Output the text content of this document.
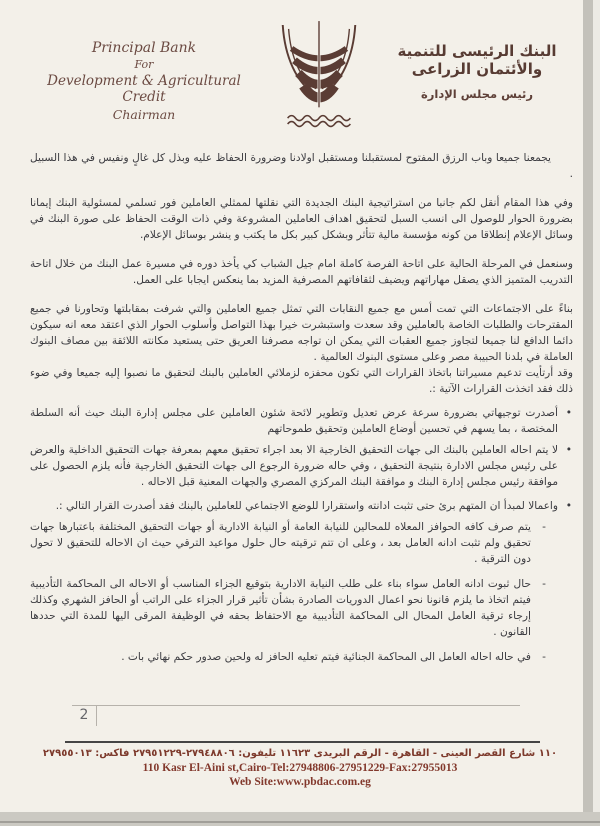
Principal Bank
For
Development & Agricultural Credit
Chairman
البنك الرئيسى للتنمية والأئتمان الزراعى
رئيس مجلس الإدارة

يجمعنا جميعا وباب الرزق المفتوح لمستقبلنا ومستقبل اولادنا وضرورة الحفاظ عليه وبذل كل غالٍ ونفيس في هذا السبيل .

وفي هذا المقام أنقل لكم جانبا من استراتيجية البنك الجديدة التي نقلتها لممثلي العاملين فور تسلمي لمسئولية البنك إيمانا بضرورة الحوار للوصول الى انسب السبل لتحقيق اهداف العاملين المشروعة وفي ذات الوقت الحفاظ على صورة البنك في وسائل الإعلام إنطلاقا من كونه مؤسسة مالية تتأثر وبشكل كبير بكل ما يكتب و ينشر بوسائل الإعلام.

وسنعمل في المرحلة الحالية على اتاحة الفرصة كاملة امام جيل الشباب كي يأخذ دوره في مسيرة عمل البنك من خلال اتاحة التدريب المتميز الذي يصقل مهاراتهم ويضيف لثقافاتهم المصرفية المزيد بما ينعكس ايجابا على العمل.

بناءً على الاجتماعات التي تمت أمس مع جميع النقابات التي تمثل جميع العاملين والتي شرفت بمقابلتها وتحاورنا في جميع المقترحات والطلبات الخاصة بالعاملين وقد سعدت واستبشرت خيرا بهذا التواصل وأسلوب الحوار الذي اعتقد معه انه سيكون دائما الدافع لنا جميعا لتجاوز جميع العقبات التي يمكن ان تواجه مصرفنا العريق حتى يستعيد مكانته اللائقة بين مصاف البنوك العاملة في بلدنا الحبيبة مصر وعلى مستوى البنوك العالمية .

وقد أرتأيت تدعيم مسيراتنا باتخاذ القرارات التي تكون محفزه لزملائي العاملين بالبنك لتحقيق ما نصبوا إليه جميعا وفي ضوء ذلك فقد اتخذت القرارات الآتية :.

•
أصدرت توجيهاتي بضرورة سرعة عرض تعديل وتطوير لائحة شئون العاملين على مجلس إدارة البنك حيث أنه السلطة المختصة ، بما يسهم في تحسين أوضاع العاملين وتحقيق طموحاتهم
•
لا يتم احاله العاملين بالبنك الى جهات التحقيق الخارجية الا بعد اجراء تحقيق معهم بمعرفة جهات التحقيق الداخلية والعرض على رئيس مجلس الادارة بنتيجة التحقيق ، وفي حاله ضرورة الرجوع الى جهات التحقيق الخارجية فأنه يلزم الحصول على موافقة رئيس مجلس إدارة البنك و موافقة البنك المركزي المصري والجهات المعنية قبل الاحاله .
•
واعمالا لمبدأ ان المتهم برئ حتى تثبت ادانته واستقرارا للوضع الاجتماعي للعاملين بالبنك فقد أصدرت القرار التالي :.
-
يتم صرف كافه الحوافز المعلاه للمحالين للنيابة العامة أو النيابة الادارية أو جهات التحقيق المختلفة باعتبارها جهات تحقيق ولم تثبت ادانه العامل بعد ، وعلى ان تتم ترقيته حال حلول مواعيد الترقي حيث ان الاحاله للتحقيق لا تحول دون الترقية .
-
حال ثبوت ادانه العامل سواء بناء على طلب النيابة الادارية بتوقيع الجزاء المناسب أو الاحاله الى المحاكمة التأديبية فيتم اتخاذ ما يلزم قانونا نحو اعمال الدوريات الصادرة بشأن تأثير قرار الجزاء على الراتب أو الحافز الشهري وكذلك إرجاء ترقية العامل المحال الى المحاكمة التأديبية مع الاحتفاظ بحقه في الوظيفة المرقى اليها للمدة التي حددها القانون .
-
في حاله احاله العامل الى المحاكمة الجنائية فيتم تعليه الحافز له ولحين صدور حكم نهائي بات .
2
١١٠ شارع القصر العينى - القاهرة - الرقم البريدى ١١٦٢٣ تليفون: ٢٧٩٤٨٨٠٦-٢٧٩٥١٢٢٩ فاكس: ٢٧٩٥٥٠١٣
110 Kasr El-Aini st,Cairo-Tel:27948806-27951229-Fax:27955013
Web Site:www.pbdac.com.eg
